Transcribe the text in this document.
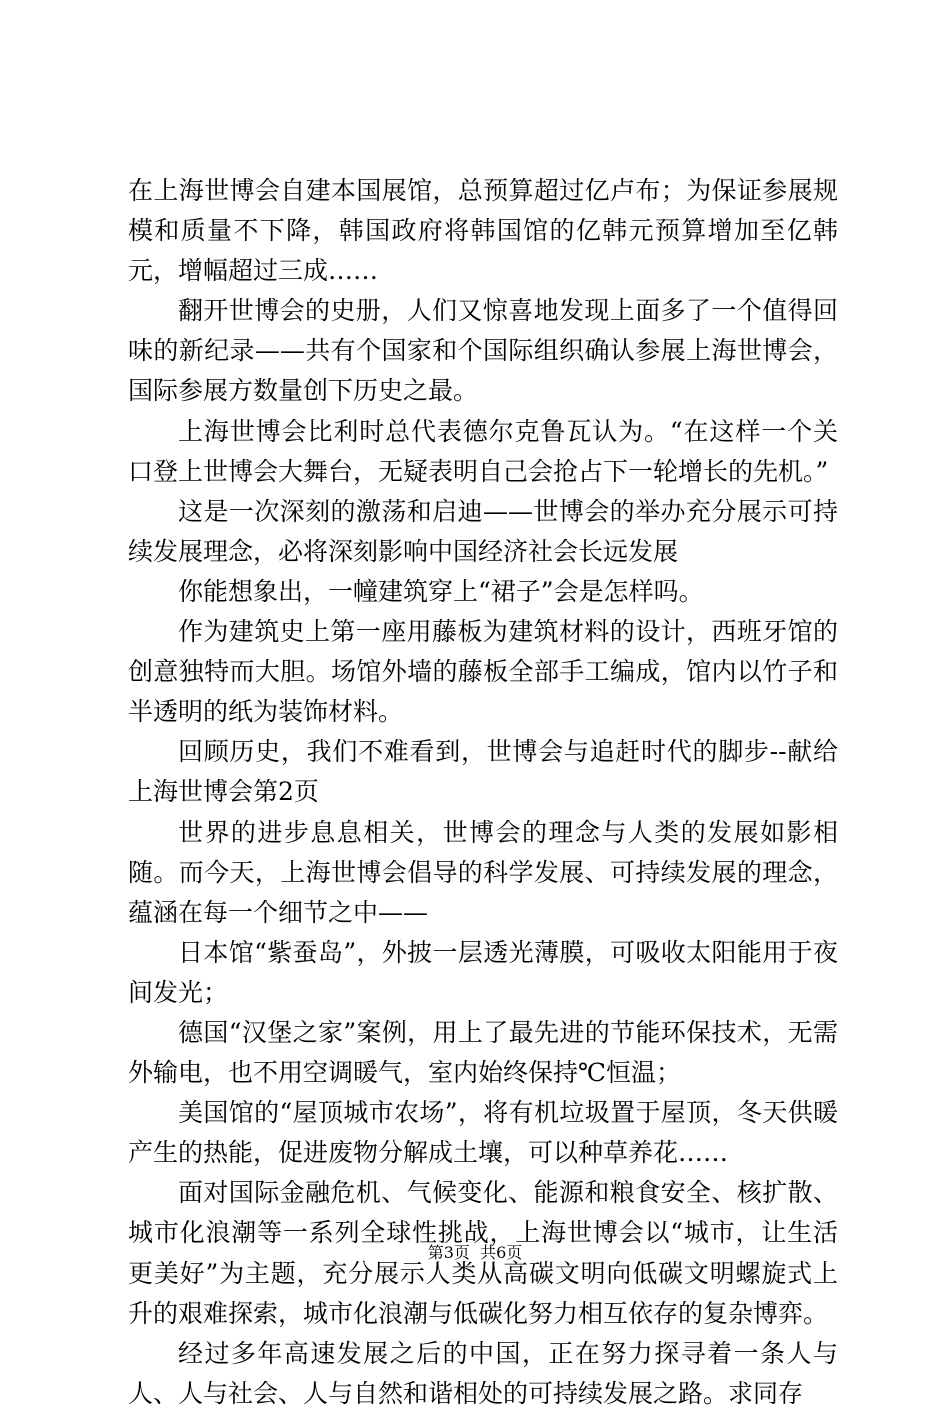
在上海世博会自建本国展馆，总预算超过亿卢布；为保证参展规模和质量不下降，韩国政府将韩国馆的亿韩元预算增加至亿韩元，增幅超过三成……

翻开世博会的史册，人们又惊喜地发现上面多了一个值得回味的新纪录——共有个国家和个国际组织确认参展上海世博会，国际参展方数量创下历史之最。

上海世博会比利时总代表德尔克鲁瓦认为。“在这样一个关口登上世博会大舞台，无疑表明自己会抢占下一轮增长的先机。”

这是一次深刻的激荡和启迪——世博会的举办充分展示可持续发展理念，必将深刻影响中国经济社会长远发展

你能想象出，一幢建筑穿上“裙子”会是怎样吗。

作为建筑史上第一座用藤板为建筑材料的设计，西班牙馆的创意独特而大胆。场馆外墙的藤板全部手工编成，馆内以竹子和半透明的纸为装饰材料。

回顾历史，我们不难看到，世博会与追赶时代的脚步--献给上海世博会第2页

世界的进步息息相关，世博会的理念与人类的发展如影相随。而今天，上海世博会倡导的科学发展、可持续发展的理念，蕴涵在每一个细节之中——

日本馆“紫蚕岛”，外披一层透光薄膜，可吸收太阳能用于夜间发光；

德国“汉堡之家”案例，用上了最先进的节能环保技术，无需外输电，也不用空调暖气，室内始终保持℃恒温；

美国馆的“屋顶城市农场”，将有机垃圾置于屋顶，冬天供暖产生的热能，促进废物分解成土壤，可以种草养花……

面对国际金融危机、气候变化、能源和粮食安全、核扩散、城市化浪潮等一系列全球性挑战，上海世博会以“城市，让生活更美好”为主题，充分展示人类从高碳文明向低碳文明螺旋式上升的艰难探索，城市化浪潮与低碳化努力相互依存的复杂博弈。

经过多年高速发展之后的中国，正在努力探寻着一条人与人、人与社会、人与自然和谐相处的可持续发展之路。求同存

第3页  共6页
